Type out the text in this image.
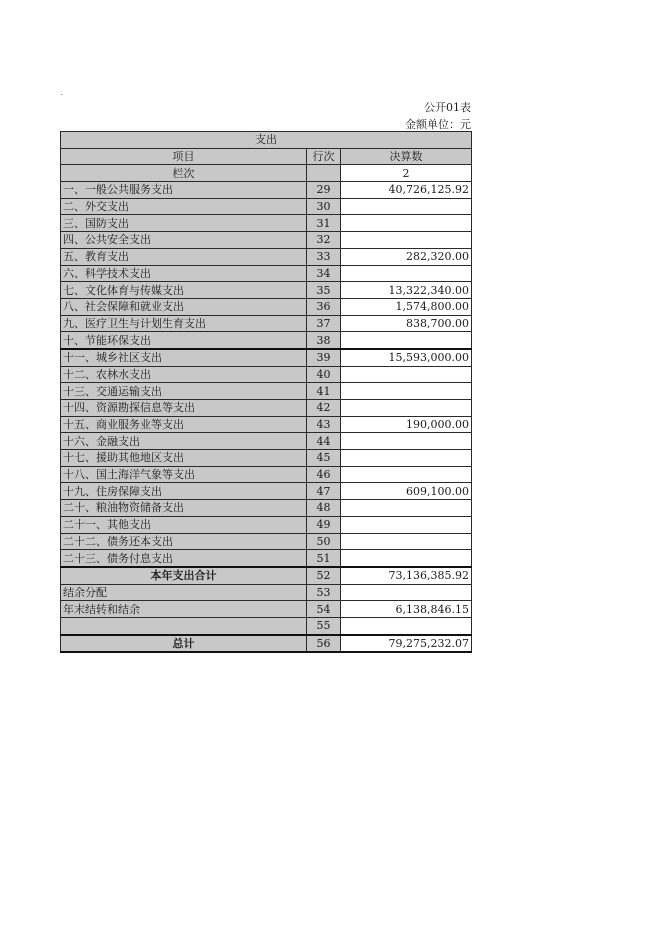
.
公开01表
金额单位：元
支出		
项目	行次	决算数
栏次		2
一、一般公共服务支出	29	40,726,125.92
二、外交支出	30	
三、国防支出	31	
四、公共安全支出	32	
五、教育支出	33	282,320.00
六、科学技术支出	34	
七、文化体育与传媒支出	35	13,322,340.00
八、社会保障和就业支出	36	1,574,800.00
九、医疗卫生与计划生育支出	37	838,700.00
十、节能环保支出	38	
十一、城乡社区支出	39	15,593,000.00
十二、农林水支出	40	
十三、交通运输支出	41	
十四、资源勘探信息等支出	42	
十五、商业服务业等支出	43	190,000.00
十六、金融支出	44	
十七、援助其他地区支出	45	
十八、国土海洋气象等支出	46	
十九、住房保障支出	47	609,100.00
二十、粮油物资储备支出	48	
二十一、其他支出	49	
二十二、债务还本支出	50	
二十三、债务付息支出	51	
本年支出合计	52	73,136,385.92
结余分配	53	
年末结转和结余	54	6,138,846.15
	55	
总计	56	79,275,232.07
